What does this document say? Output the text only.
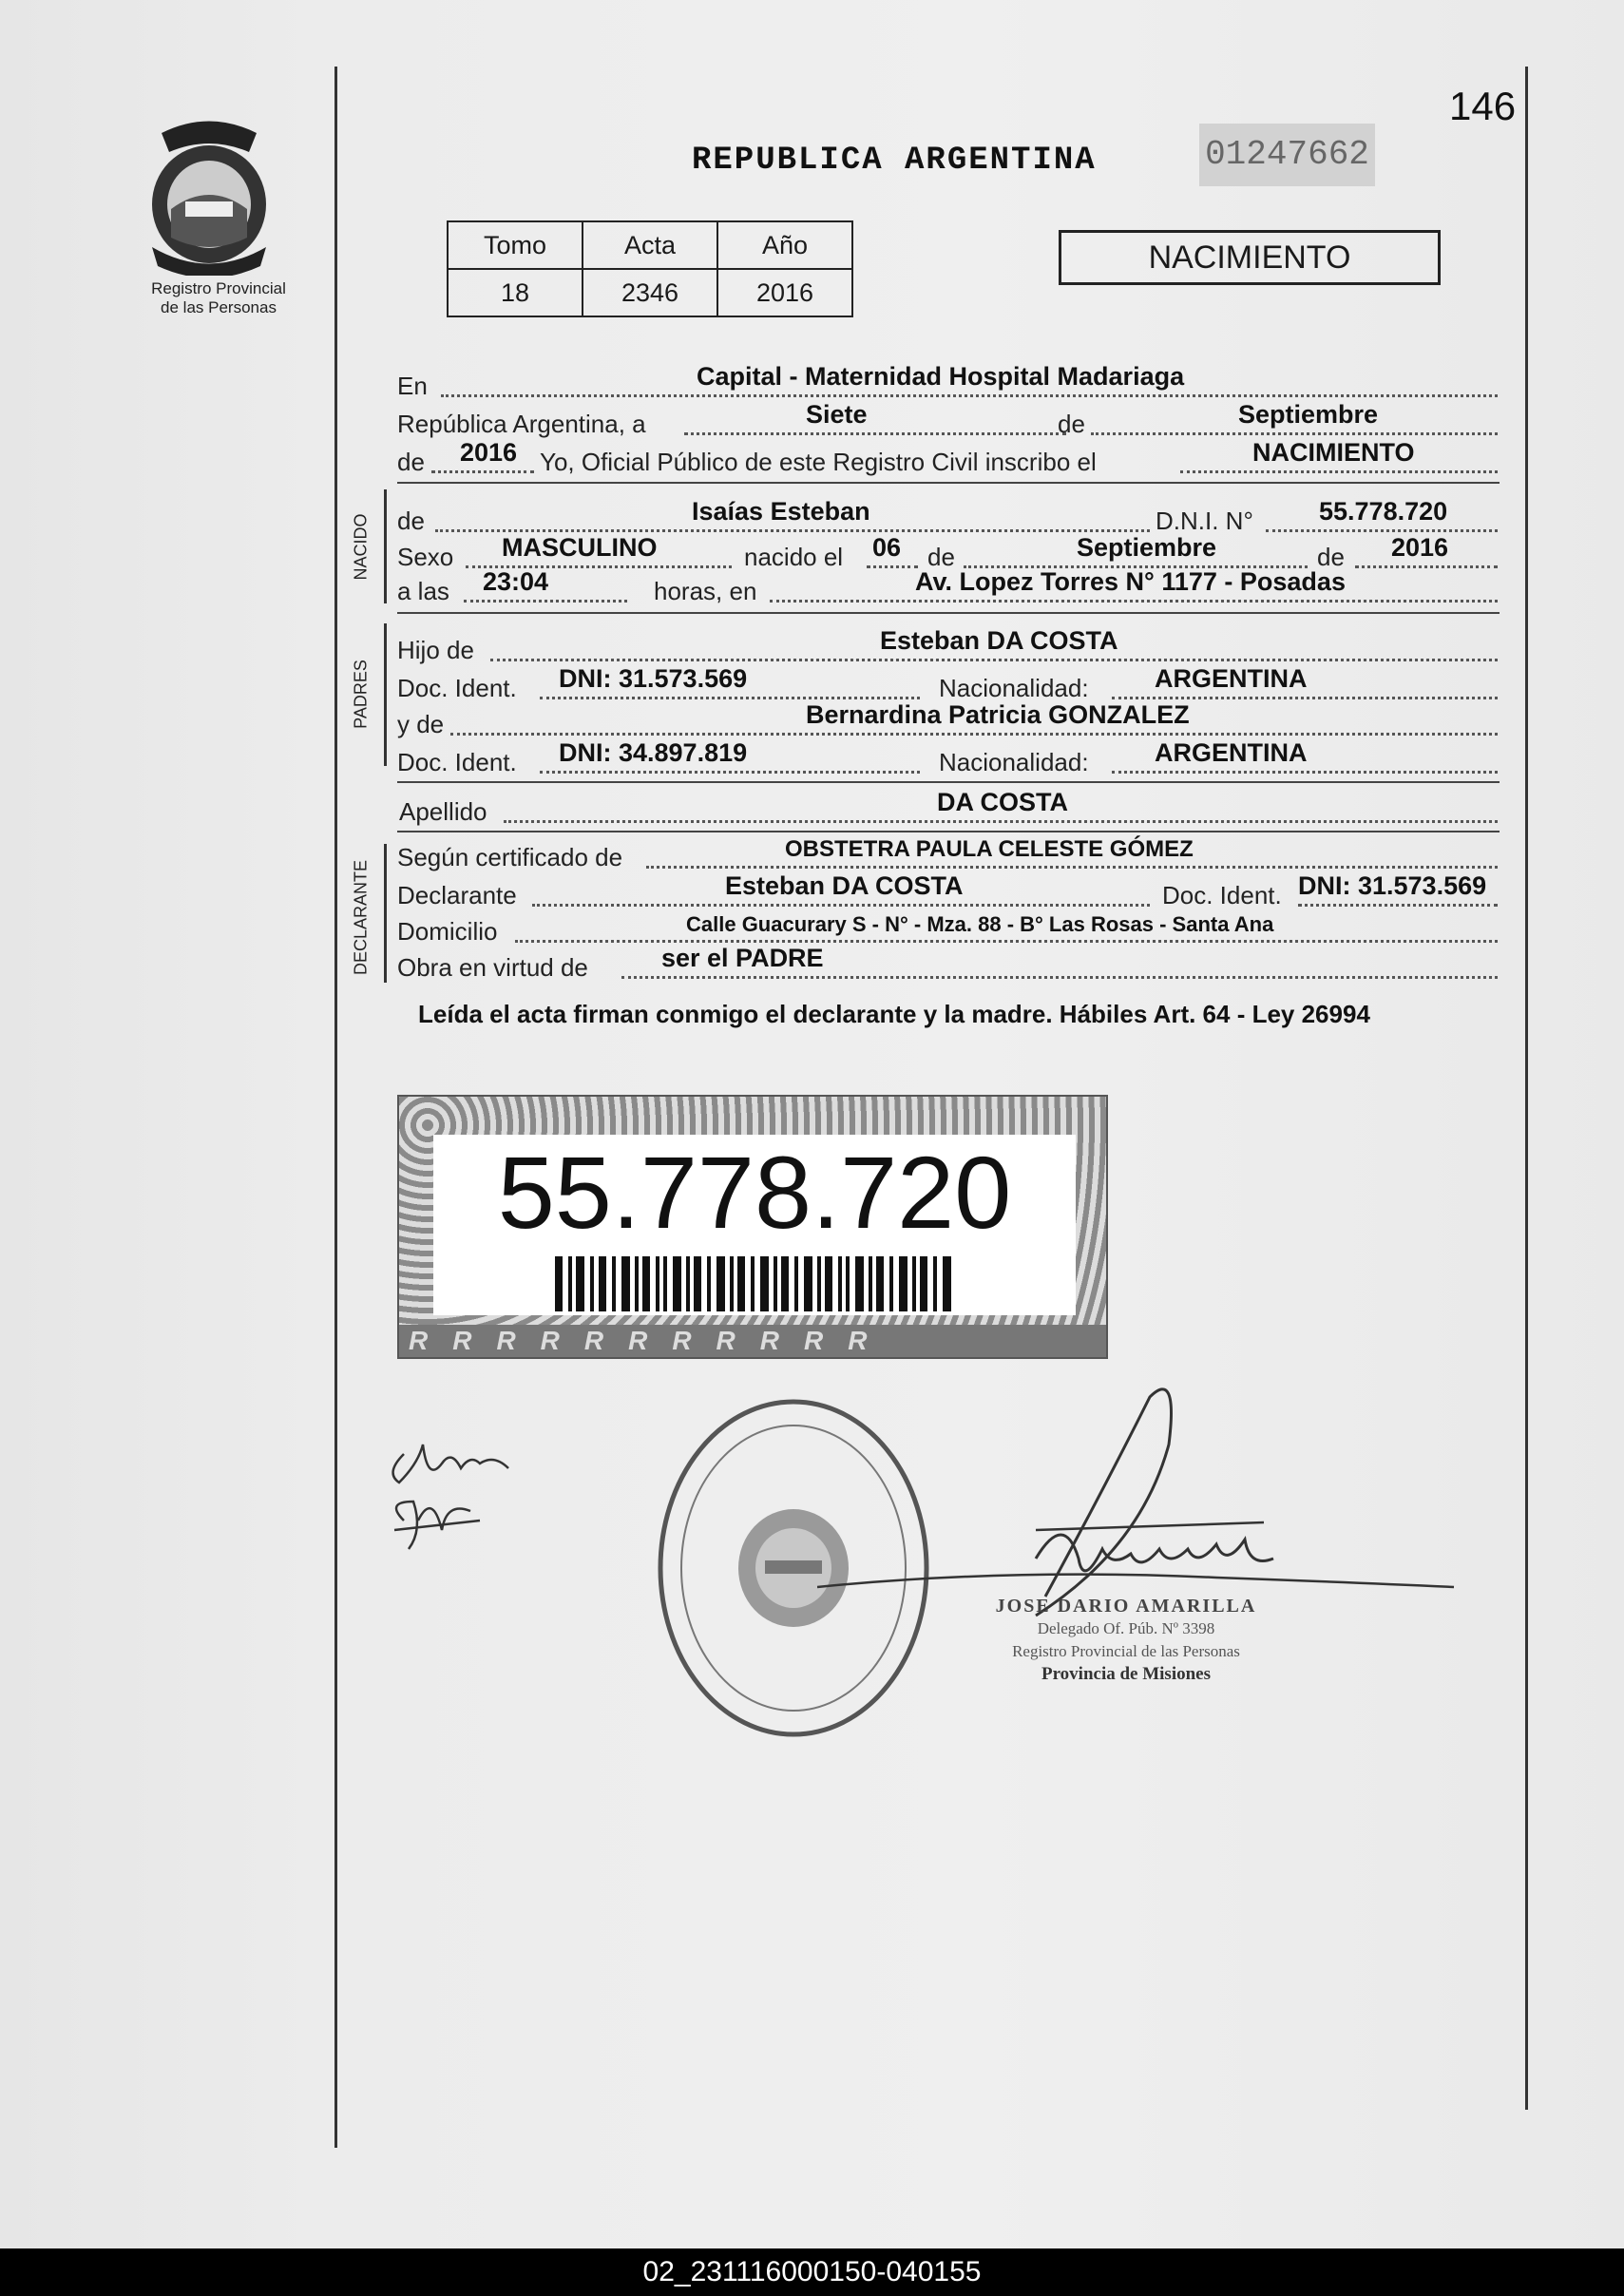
Registro Provincial
de las Personas
146
REPUBLICA ARGENTINA	01247662
Tomo	Acta	Año
18	2346	2016
NACIMIENTO
En	Capital - Maternidad Hospital Madariaga
República Argentina, a	Siete	de	Septiembre
de 2016 Yo, Oficial Público de este Registro Civil inscribo el	NACIMIENTO
NACIDO de	Isaías Esteban	D.N.I. N°	55.778.720
Sexo MASCULINO	nacido el 06 de	Septiembre	de 2016
a las 23:04	horas, en	Av. Lopez Torres N° 1177 - Posadas
PADRES
Hijo de	Esteban DA COSTA
Doc. Ident. DNI: 31.573.569	Nacionalidad:	ARGENTINA
y de	Bernardina Patricia GONZALEZ
Doc. Ident. DNI: 34.897.819	Nacionalidad:	ARGENTINA
Apellido	DA COSTA
DECLARANTE
Según certificado de	OBSTETRA PAULA CELESTE GÓMEZ
Declarante	Esteban DA COSTA	Doc. Ident. DNI: 31.573.569
Domicilio	Calle Guacurary S - N° - Mza. 88 - B° Las Rosas - Santa Ana
Obra en virtud de	ser el PADRE
Leída el acta firman conmigo el declarante y la madre. Hábiles Art. 64 - Ley 26994
55.778.720
RRRRRRRRRRR
JOSE DARIO AMARILLA
Delegado Of. Púb. Nº 3398
Registro Provincial de las Personas
Provincia de Misiones
02_231116000150-040155
